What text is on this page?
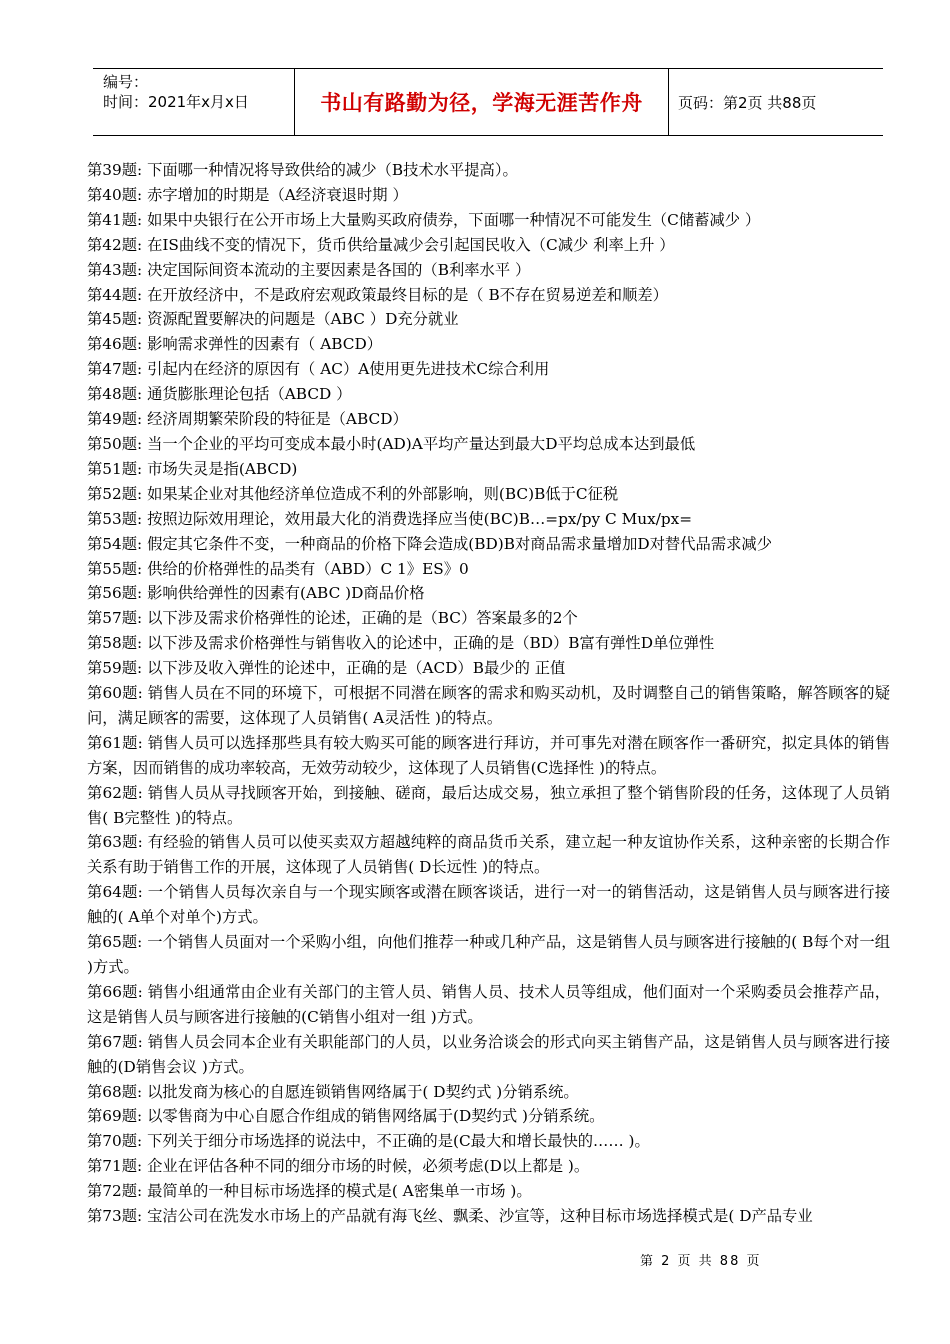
编号：
时间：2021年x月x日	书山有路勤为径，学海无涯苦作舟	页码：第2页 共88页

第39题: 下面哪一种情况将导致供给的减少（B技术水平提高）。

第40题: 赤字增加的时期是（A经济衰退时期 ）

第41题: 如果中央银行在公开市场上大量购买政府债券，下面哪一种情况不可能发生（C储蓄减少 ）

第42题: 在IS曲线不变的情况下，货币供给量减少会引起国民收入（C减少 利率上升 ）

第43题: 决定国际间资本流动的主要因素是各国的（B利率水平 ）

第44题: 在开放经济中，不是政府宏观政策最终目标的是（ B不存在贸易逆差和顺差）

第45题: 资源配置要解决的问题是（ABC ）D充分就业

第46题: 影响需求弹性的因素有（ ABCD）

第47题: 引起内在经济的原因有（ AC）A使用更先进技术C综合利用

第48题: 通货膨胀理论包括（ABCD ）

第49题: 经济周期繁荣阶段的特征是（ABCD）

第50题: 当一个企业的平均可变成本最小时(AD)A平均产量达到最大D平均总成本达到最低

第51题: 市场失灵是指(ABCD)

第52题: 如果某企业对其他经济单位造成不利的外部影响，则(BC)B低于C征税

第53题: 按照边际效用理论，效用最大化的消费选择应当使(BC)B…=px/py C Mux/px=

第54题: 假定其它条件不变，一种商品的价格下降会造成(BD)B对商品需求量增加D对替代品需求减少

第55题: 供给的价格弹性的品类有（ABD）C 1》ES》0

第56题: 影响供给弹性的因素有(ABC )D商品价格

第57题: 以下涉及需求价格弹性的论述，正确的是（BC）答案最多的2个

第58题: 以下涉及需求价格弹性与销售收入的论述中，正确的是（BD）B富有弹性D单位弹性

第59题: 以下涉及收入弹性的论述中，正确的是（ACD）B最少的 正值

第60题: 销售人员在不同的环境下，可根据不同潜在顾客的需求和购买动机，及时调整自己的销售策略，解答顾客的疑问，满足顾客的需要，这体现了人员销售( A灵活性 )的特点。

第61题: 销售人员可以选择那些具有较大购买可能的顾客进行拜访，并可事先对潜在顾客作一番研究，拟定具体的销售方案，因而销售的成功率较高，无效劳动较少，这体现了人员销售(C选择性 )的特点。

第62题: 销售人员从寻找顾客开始，到接触、磋商，最后达成交易，独立承担了整个销售阶段的任务，这体现了人员销售( B完整性 )的特点。

第63题: 有经验的销售人员可以使买卖双方超越纯粹的商品货币关系，建立起一种友谊协作关系，这种亲密的长期合作关系有助于销售工作的开展，这体现了人员销售( D长远性 )的特点。

第64题: 一个销售人员每次亲自与一个现实顾客或潜在顾客谈话，进行一对一的销售活动，这是销售人员与顾客进行接触的( A单个对单个)方式。

第65题: 一个销售人员面对一个采购小组，向他们推荐一种或几种产品，这是销售人员与顾客进行接触的( B每个对一组 )方式。

第66题: 销售小组通常由企业有关部门的主管人员、销售人员、技术人员等组成，他们面对一个采购委员会推荐产品，这是销售人员与顾客进行接触的(C销售小组对一组 )方式。

第67题: 销售人员会同本企业有关职能部门的人员，以业务洽谈会的形式向买主销售产品，这是销售人员与顾客进行接触的(D销售会议 )方式。

第68题: 以批发商为核心的自愿连锁销售网络属于( D契约式 )分销系统。

第69题: 以零售商为中心自愿合作组成的销售网络属于(D契约式 )分销系统。

第70题: 下列关于细分市场选择的说法中，不正确的是(C最大和增长最快的…… )。

第71题: 企业在评估各种不同的细分市场的时候，必须考虑(D以上都是 )。

第72题: 最简单的一种目标市场选择的模式是( A密集单一市场 )。

第73题: 宝洁公司在洗发水市场上的产品就有海飞丝、飘柔、沙宣等，这种目标市场选择模式是( D产品专业

第 2 页 共 88 页
